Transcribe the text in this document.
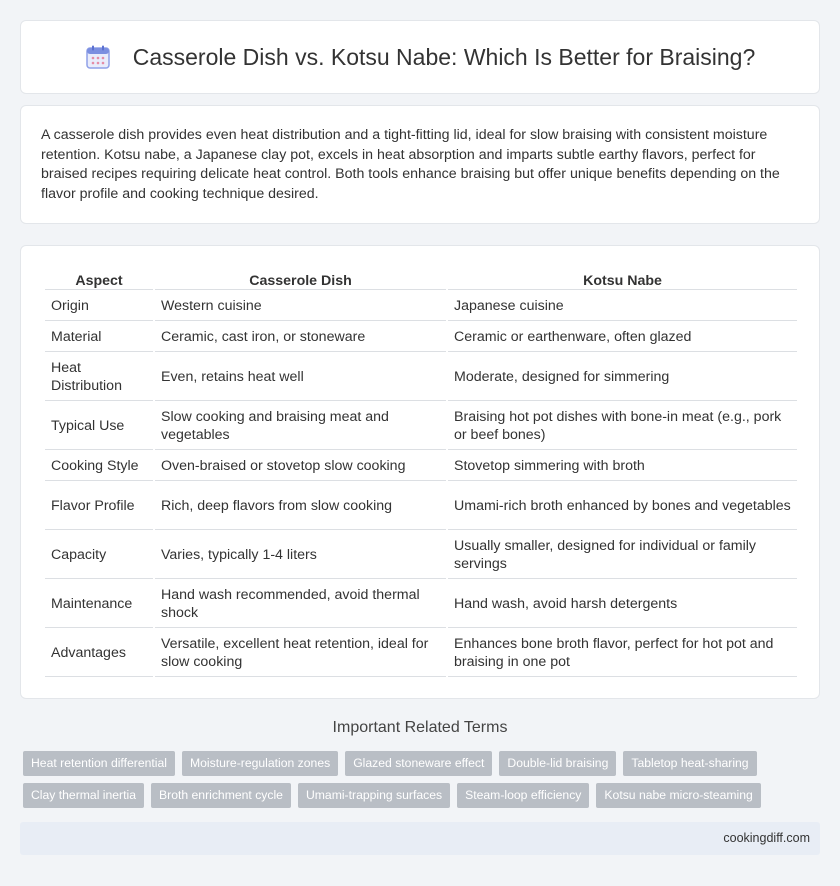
Casserole Dish vs. Kotsu Nabe: Which Is Better for Braising?

A casserole dish provides even heat distribution and a tight-fitting lid, ideal for slow braising with consistent moisture retention. Kotsu nabe, a Japanese clay pot, excels in heat absorption and imparts subtle earthy flavors, perfect for braised recipes requiring delicate heat control. Both tools enhance braising but offer unique benefits depending on the flavor profile and cooking technique desired.

Aspect	Casserole Dish	Kotsu Nabe
Origin	Western cuisine	Japanese cuisine
Material	Ceramic, cast iron, or stoneware	Ceramic or earthenware, often glazed
Heat Distribution	Even, retains heat well	Moderate, designed for simmering
Typical Use	Slow cooking and braising meat and vegetables	Braising hot pot dishes with bone-in meat (e.g., pork or beef bones)
Cooking Style	Oven-braised or stovetop slow cooking	Stovetop simmering with broth
Flavor Profile	Rich, deep flavors from slow cooking	Umami-rich broth enhanced by bones and vegetables
Capacity	Varies, typically 1-4 liters	Usually smaller, designed for individual or family servings
Maintenance	Hand wash recommended, avoid thermal shock	Hand wash, avoid harsh detergents
Advantages	Versatile, excellent heat retention, ideal for slow cooking	Enhances bone broth flavor, perfect for hot pot and braising in one pot
Important Related Terms
Heat retention differential	Moisture-regulation zones	Glazed stoneware effect	Double-lid braising	Tabletop heat-sharing
Clay thermal inertia	Broth enrichment cycle	Umami-trapping surfaces	Steam-loop efficiency	Kotsu nabe micro-steaming
cookingdiff.com
